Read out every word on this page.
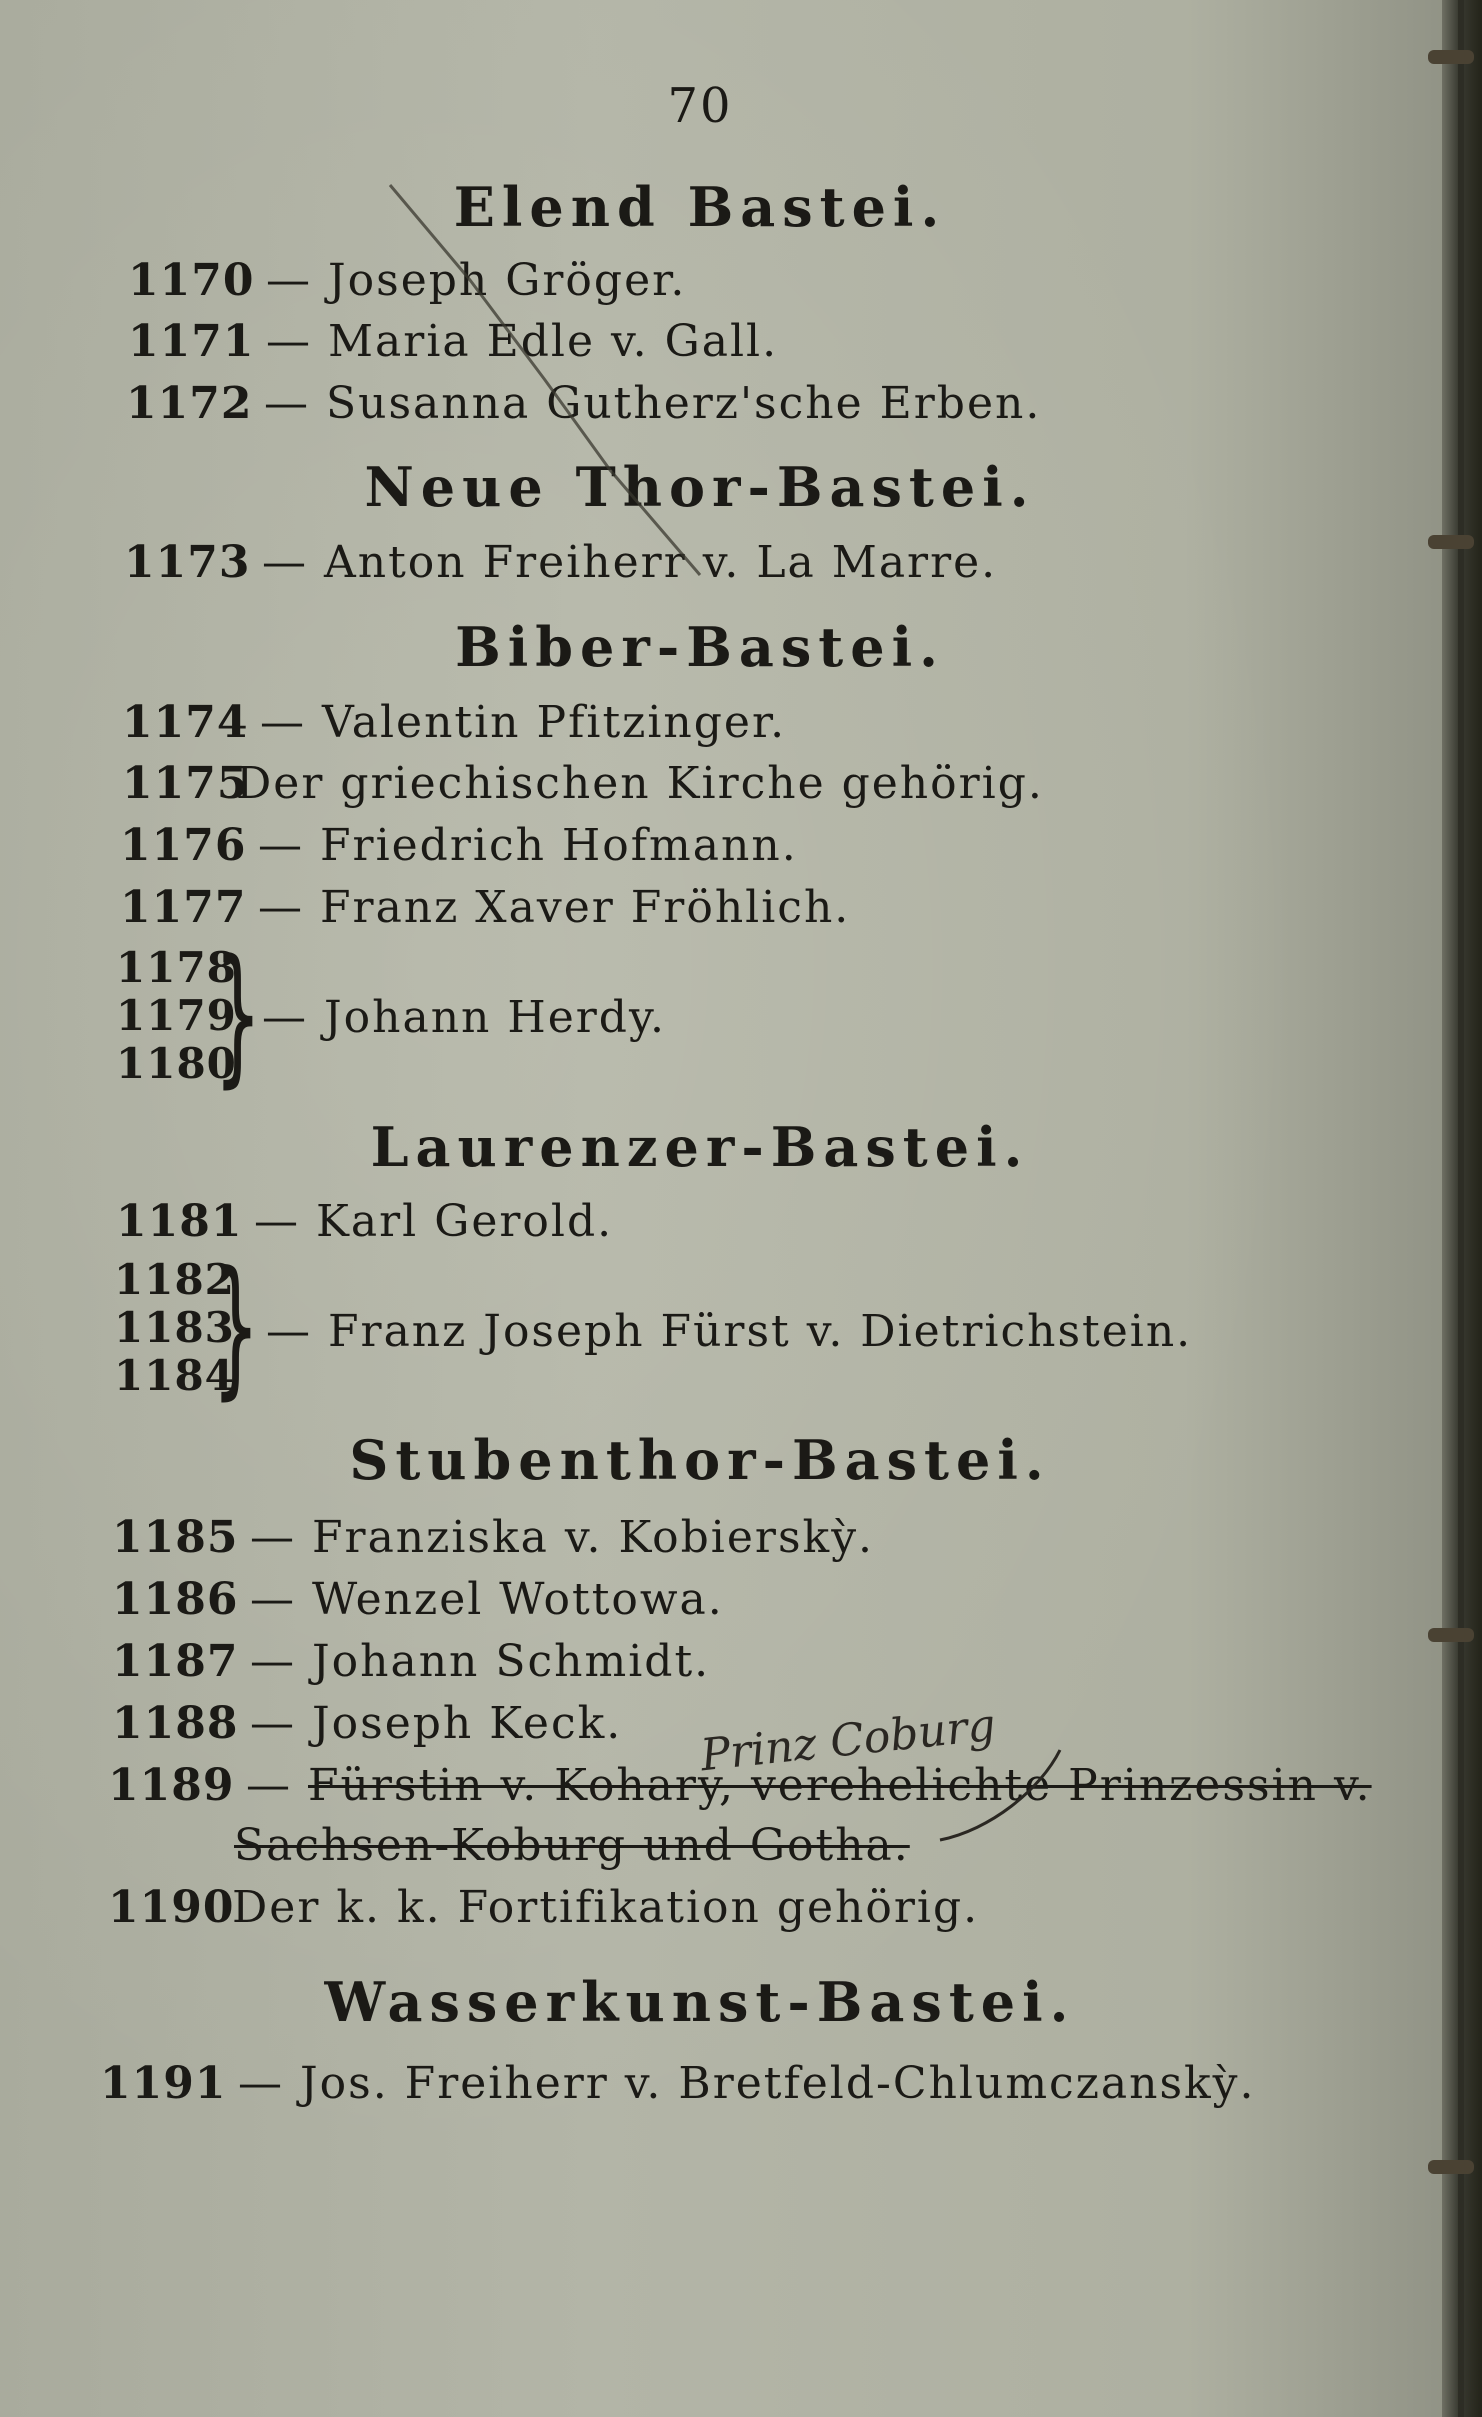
70
Elend Bastei.
1170 — Joseph Gröger.
1171 — Maria Edle v. Gall.
1172 — Susanna Gutherz'sche Erben.
Neue Thor-Bastei.
1173 — Anton Freiherr v. La Marre.
Biber-Bastei.
1174 — Valentin Pfitzinger.
1175Der griechischen Kirche gehörig.
1176 — Friedrich Hofmann.
1177 — Franz Xaver Fröhlich.
1178
1179
1180
} — Johann Herdy.
Laurenzer-Bastei.
1181 — Karl Gerold.
1182
1183
1184
} — Franz Joseph Fürst v. Dietrichstein.
Stubenthor-Bastei.
1185 — Franziska v. Kobierskỳ.
1186 — Wenzel Wottowa.
1187 — Johann Schmidt.
1188 — Joseph Keck.
1189 — Fürstin v. Kohary, verehelichte Prinzessin v.
Sachsen-Koburg und Gotha.
Prinz Coburg
1190Der k. k. Fortifikation gehörig.
Wasserkunst-Bastei.
1191 — Jos. Freiherr v. Bretfeld-Chlumczanskỳ.
